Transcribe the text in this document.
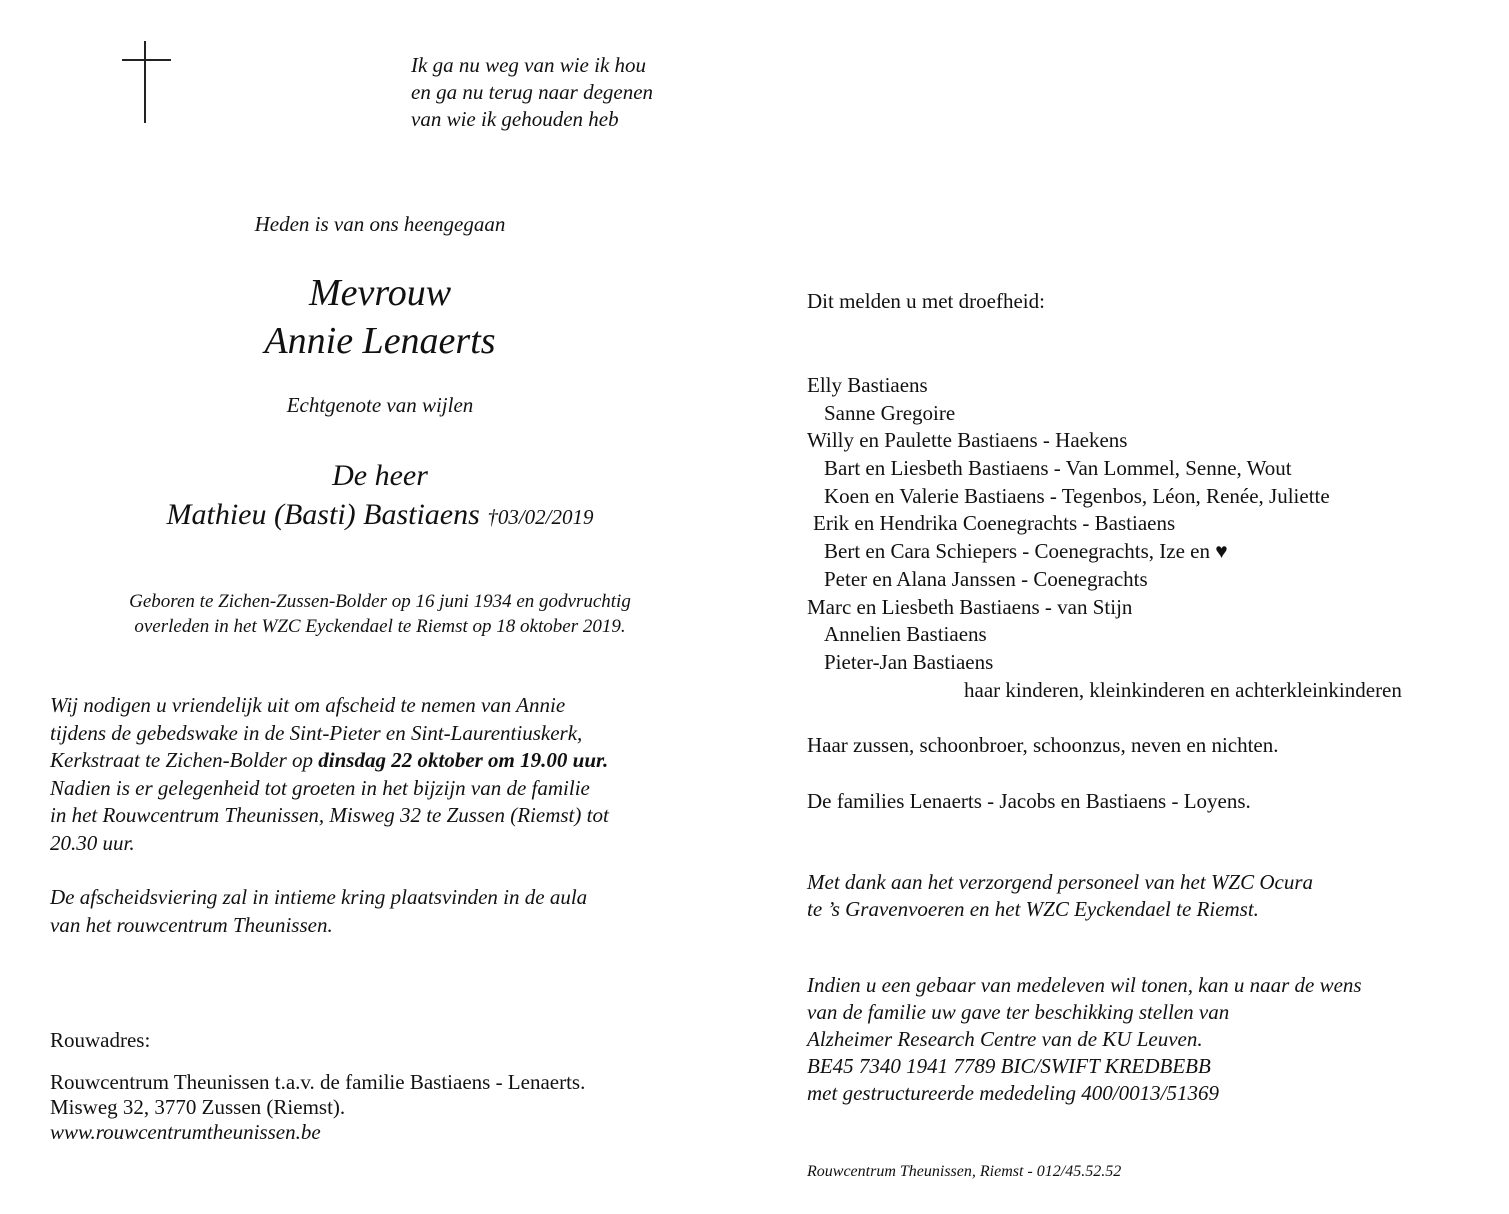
Ik ga nu weg van wie ik hou
en ga nu terug naar degenen
van wie ik gehouden heb
Heden is van ons heengegaan
Mevrouw
Annie Lenaerts
Echtgenote van wijlen
De heer
Mathieu (Basti) Bastiaens †03/02/2019
Geboren te Zichen-Zussen-Bolder op 16 juni 1934 en godvruchtig
overleden in het WZC Eyckendael te Riemst op 18 oktober 2019.
Wij nodigen u vriendelijk uit om afscheid te nemen van Annie
tijdens de gebedswake in de Sint-Pieter en Sint-Laurentiuskerk,
Kerkstraat te Zichen-Bolder op dinsdag 22 oktober om 19.00 uur.
Nadien is er gelegenheid tot groeten in het bijzijn van de familie
in het Rouwcentrum Theunissen, Misweg 32 te Zussen (Riemst) tot
20.30 uur.
De afscheidsviering zal in intieme kring plaatsvinden in de aula
van het rouwcentrum Theunissen.
Rouwadres:
Rouwcentrum Theunissen t.a.v. de familie Bastiaens - Lenaerts.
Misweg 32, 3770 Zussen (Riemst).
www.rouwcentrumtheunissen.be
Dit melden u met droefheid:
Elly Bastiaens
Sanne Gregoire
Willy en Paulette Bastiaens - Haekens
Bart en Liesbeth Bastiaens - Van Lommel, Senne, Wout
Koen en Valerie Bastiaens - Tegenbos, Léon, Renée, Juliette
Erik en Hendrika Coenegrachts - Bastiaens
Bert en Cara Schiepers - Coenegrachts, Ize en ♥
Peter en Alana Janssen - Coenegrachts
Marc en Liesbeth Bastiaens - van Stijn
Annelien Bastiaens
Pieter-Jan Bastiaens
haar kinderen, kleinkinderen en achterkleinkinderen
Haar zussen, schoonbroer, schoonzus, neven en nichten.
De families Lenaerts - Jacobs en Bastiaens - Loyens.
Met dank aan het verzorgend personeel van het WZC Ocura
te ’s Gravenvoeren en het WZC Eyckendael te Riemst.
Indien u een gebaar van medeleven wil tonen, kan u naar de wens
van de familie uw gave ter beschikking stellen van
Alzheimer Research Centre van de KU Leuven.
BE45 7340 1941 7789 BIC/SWIFT KREDBEBB
met gestructureerde mededeling 400/0013/51369
Rouwcentrum Theunissen, Riemst - 012/45.52.52
